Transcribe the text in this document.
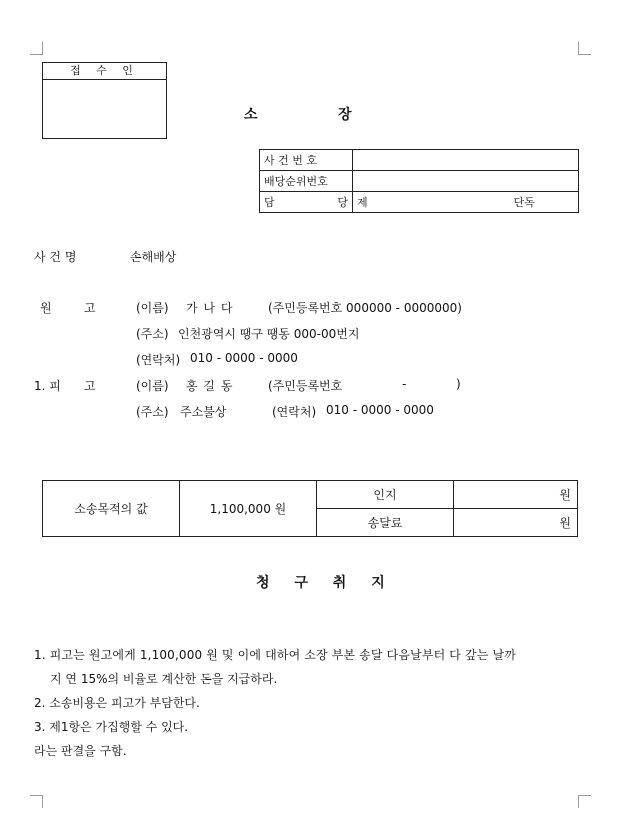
접 수 인
소	장
사 건 번 호	
배당순위번호	

담 당	제 단독
사 건 명	손해배상
원	고	(이름) 가 나 다	(주민등록번호 000000 - 0000000)
(주소) 인천광역시 땡구 땡동 000-00번지
(연락처) 010 - 0000 - 0000
1. 피 고	(이름) 홍 길 동	(주민등록번호	-	)
(주소) 주소불상	(연락처) 010 - 0000 - 0000
소송목적의 값	1,100,000 원	인지	원
		송달료	원
청 구 취 지
1. 피고는 원고에게 1,100,000 원 및 이에 대하여 소장 부본 송달 다음날부터 다 갚는 날까
지 연 15%의 비율로 계산한 돈을 지급하라.
2. 소송비용은 피고가 부담한다.
3. 제1항은 가집행할 수 있다.
라는 판결을 구함.
